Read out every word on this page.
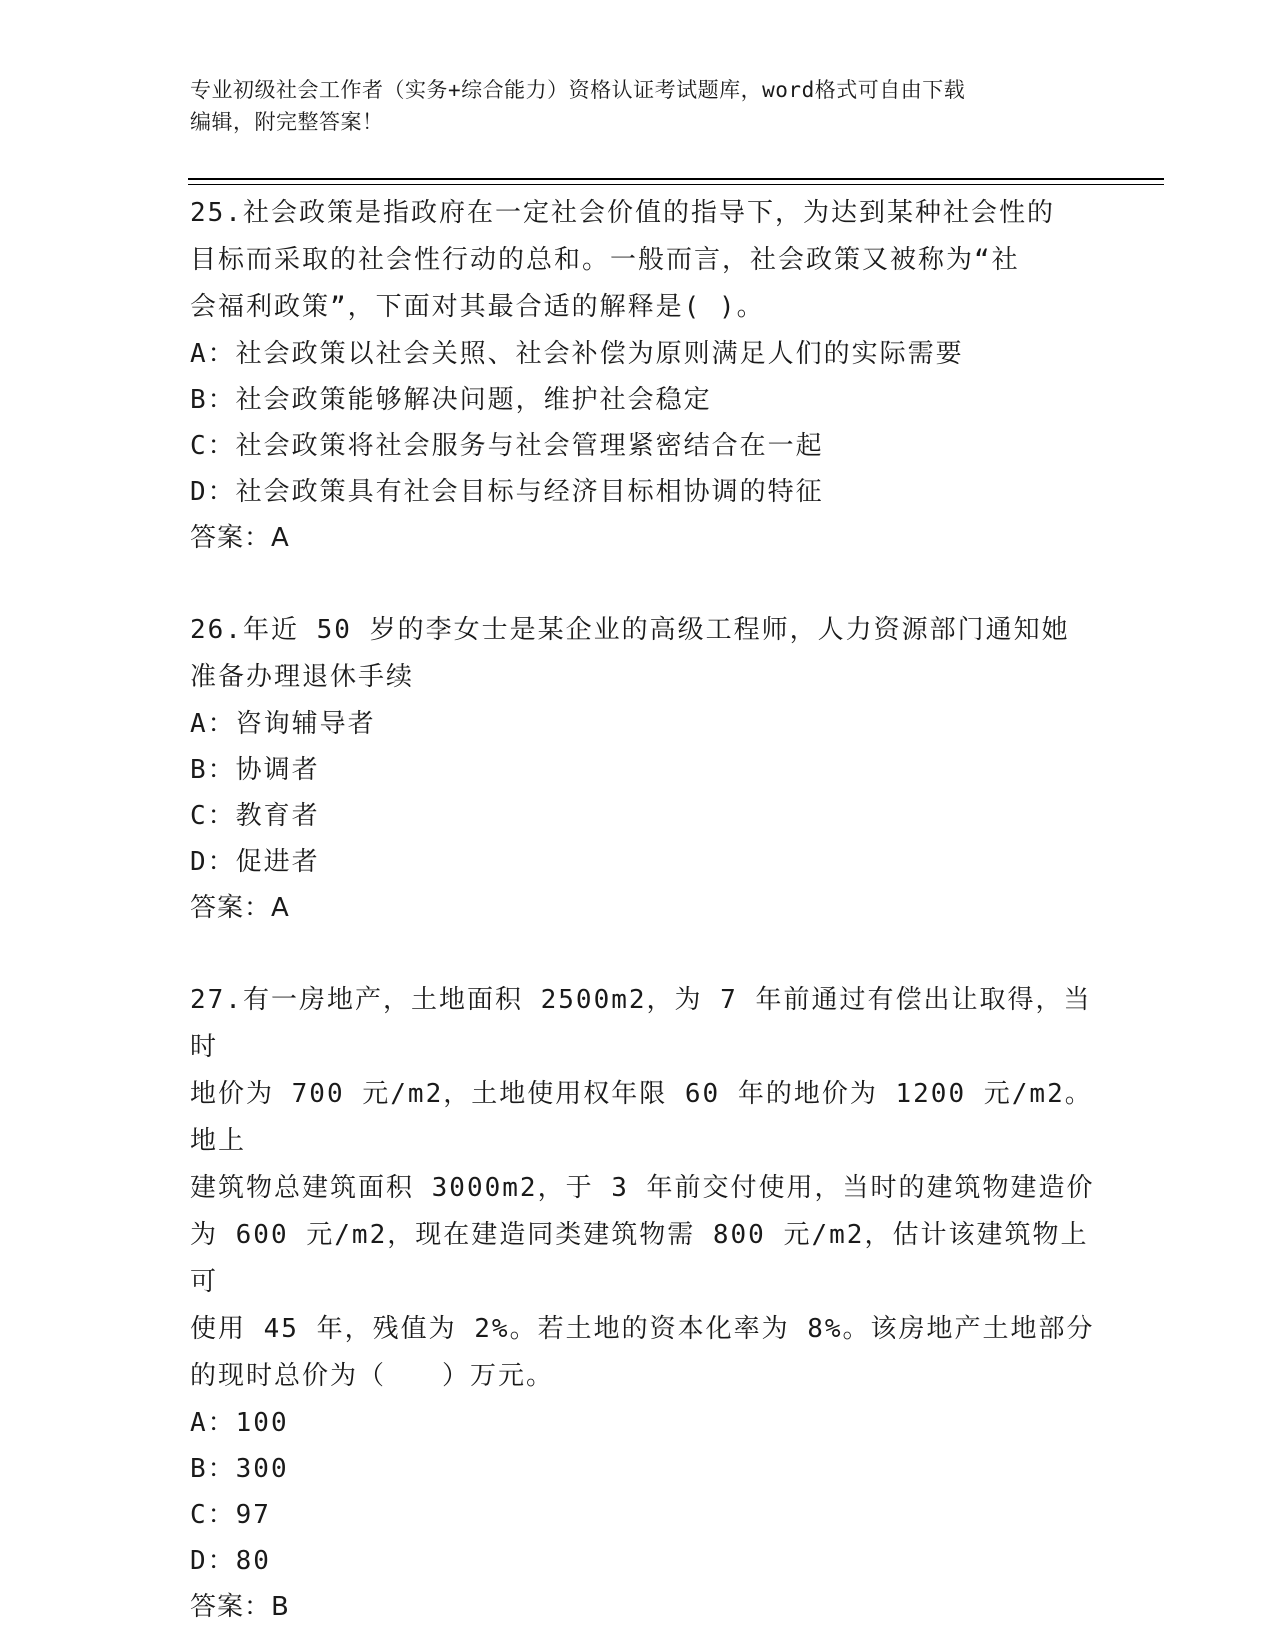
专业初级社会工作者（实务+综合能力）资格认证考试题库，word格式可自由下载
编辑，附完整答案！

25.社会政策是指政府在一定社会价值的指导下，为达到某种社会性的

目标而采取的社会性行动的总和。一般而言，社会政策又被称为“社

会福利政策”，下面对其最合适的解释是( )。

A：社会政策以社会关照、社会补偿为原则满足人们的实际需要

B：社会政策能够解决问题，维护社会稳定

C：社会政策将社会服务与社会管理紧密结合在一起

D：社会政策具有社会目标与经济目标相协调的特征

答案：A

26.年近 50 岁的李女士是某企业的高级工程师，人力资源部门通知她

准备办理退休手续

A：咨询辅导者

B：协调者

C：教育者

D：促进者

答案：A

27.有一房地产，土地面积 2500m2，为 7 年前通过有偿出让取得，当时

地价为 700 元/m2，土地使用权年限 60 年的地价为 1200 元/m2。地上

建筑物总建筑面积 3000m2，于 3 年前交付使用，当时的建筑物建造价

为 600 元/m2，现在建造同类建筑物需 800 元/m2，估计该建筑物上可

使用 45 年，残值为 2%。若土地的资本化率为 8%。该房地产土地部分

的现时总价为（　　）万元。

A：100

B：300

C：97

D：80

答案：B
